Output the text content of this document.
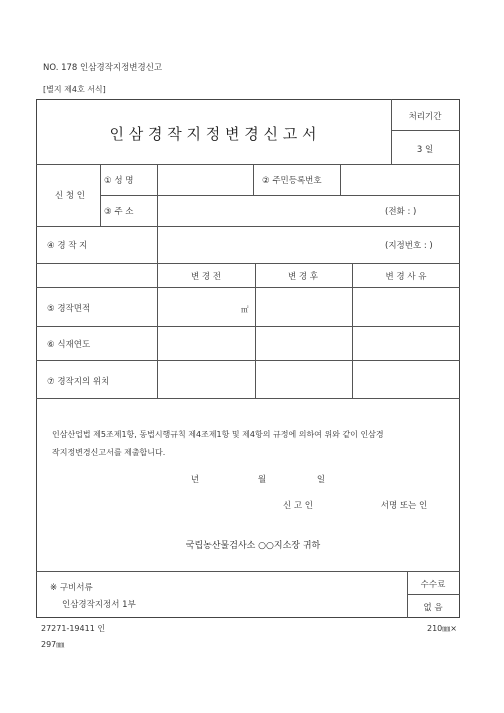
NO. 178 인삼경작지정변경신고
[별지 제4호 서식]
인 삼 경 작 지 정 변 경 신 고 서
처리기간
3 일
신 청 인
① 성 명	② 주민등록번호
③ 주 소	(전화 : )
④ 경 작 지	(지정번호 : )
변 경 전	변 경 후	변 경 사 유
⑤ 경작면적	㎡
⑥ 식재연도
⑦ 경작지의 위치
인삼산업법 제5조제1항, 동법시행규칙 제4조제1항 및 제4항의 규정에 의하여 위와 같이 인삼경
작지정변경신고서를 제출합니다.
년	월	일
신 고 인	서명 또는 인
국립농산물검사소 ○○지소장 귀하
※ 구비서류
인삼경작지정서 1부
수수료
없 음
27271-19411 인	210㎜×
297㎜
